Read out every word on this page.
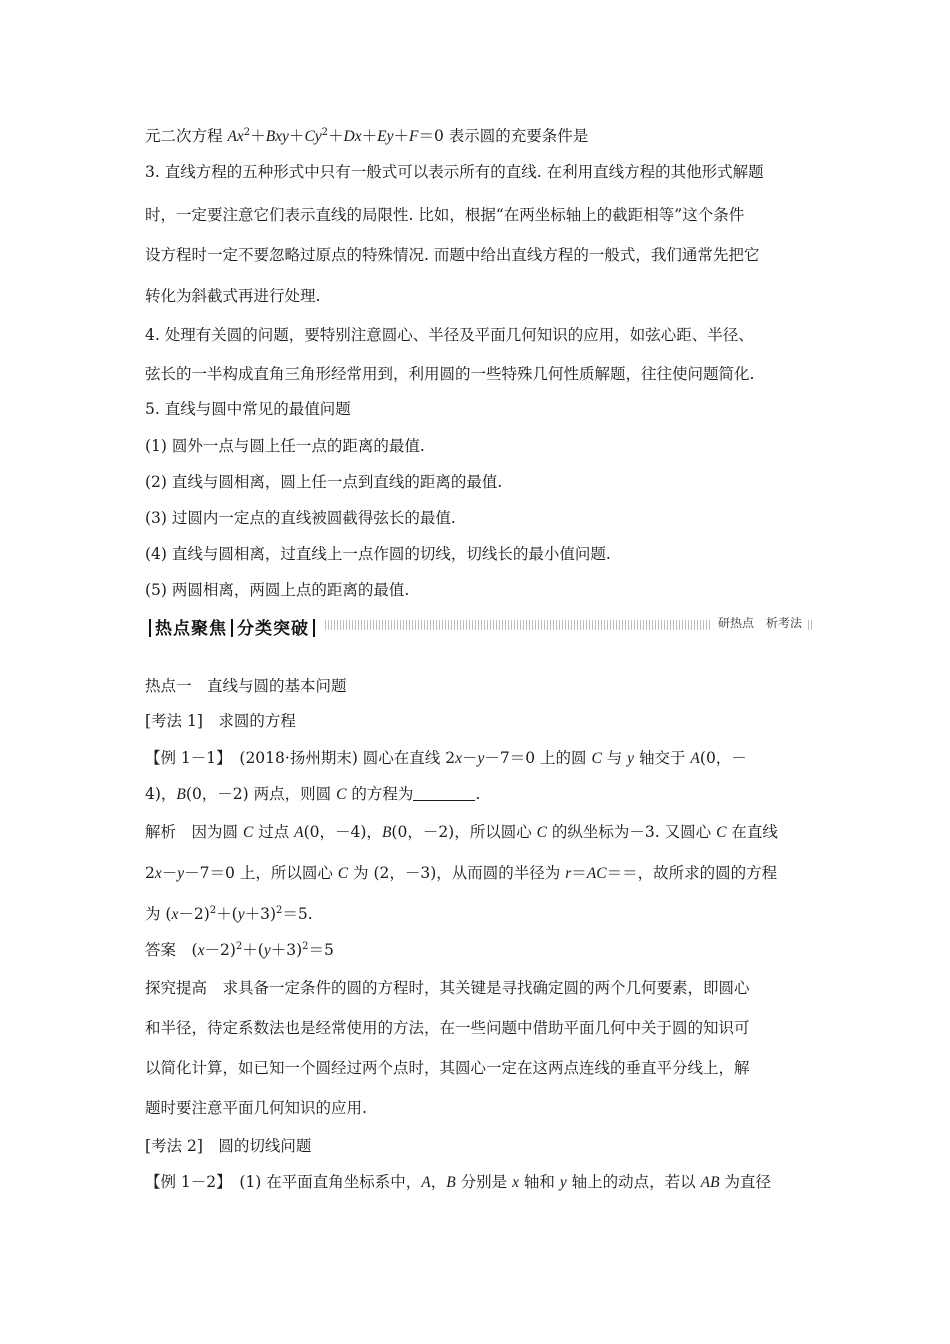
元二次方程 $Ax^2+Bxy+Cy^2+Dx+Ey+F=0$ 表示圆的充要条件是
3. 直线方程的五种形式中只有一般式可以表示所有的直线. 在利用直线方程的其他形式解题
时，一定要注意它们表示直线的局限性. 比如，根据“在两坐标轴上的截距相等”这个条件
设方程时一定不要忽略过原点的特殊情况. 而题中给出直线方程的一般式，我们通常先把它
转化为斜截式再进行处理.
4. 处理有关圆的问题，要特别注意圆心、半径及平面几何知识的应用，如弦心距、半径、
弦长的一半构成直角三角形经常用到，利用圆的一些特殊几何性质解题，往往使问题简化.
5. 直线与圆中常见的最值问题
(1) 圆外一点与圆上任一点的距离的最值.
(2) 直线与圆相离，圆上任一点到直线的距离的最值.
(3) 过圆内一定点的直线被圆截得弦长的最值.
(4) 直线与圆相离，过直线上一点作圆的切线，切线长的最小值问题.
(5) 两圆相离，两圆上点的距离的最值.
热点聚焦 分类突破	研热点　析考法
热点一　直线与圆的基本问题
[考法 1]　求圆的方程
【例 1－1】　(2018·扬州期末) 圆心在直线 2x－y－7＝0 上的圆 C 与 y 轴交于 A(0，－
4)，B(0，－2) 两点，则圆 C 的方程为	.
解析　因为圆 C 过点 A(0，－4)，B(0，－2)，所以圆心 C 的纵坐标为－3. 又圆心 C 在直线
2x－y－7＝0 上，所以圆心 C 为 (2，－3)，从而圆的半径为 r＝AC＝＝，故所求的圆的方程
为 $(x-2)^2+(y+3)^2=5$.
答案　$(x-2)^2+(y+3)^2=5$
探究提高　求具备一定条件的圆的方程时，其关键是寻找确定圆的两个几何要素，即圆心
和半径，待定系数法也是经常使用的方法，在一些问题中借助平面几何中关于圆的知识可
以简化计算，如已知一个圆经过两个点时，其圆心一定在这两点连线的垂直平分线上，解
题时要注意平面几何知识的应用.
[考法 2]　圆的切线问题
【例 1－2】　(1) 在平面直角坐标系中，A，B 分别是 x 轴和 y 轴上的动点，若以 AB 为直径
